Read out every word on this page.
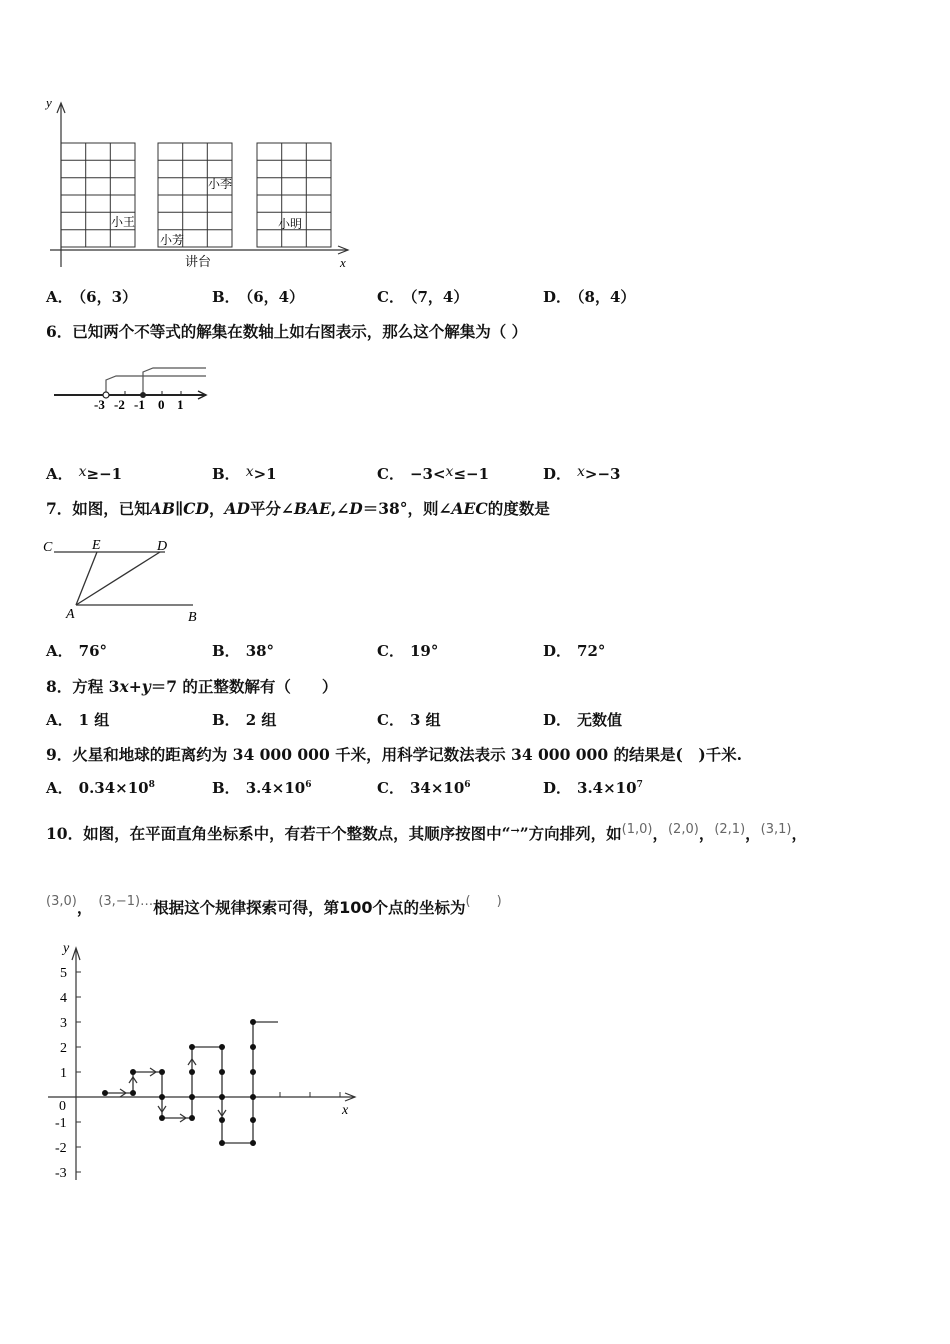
y
x
小王
小芳
小李
小明
讲台
A． （6，3）	B． （6，4）	C． （7，4）	D． （8，4）
6．已知两个不等式的解集在数轴上如右图表示，那么这个解集为（ ）
-3 -2 -1 0 1
A． x≥−1	B． x>1	C． −3<x≤−1	D． x>−3
7．如图，已知AB∥CD，AD平分∠BAE,∠D＝38°，则∠AEC的度数是
C	E	D
A	B
A． 76°	B． 38°	C． 19°	D． 72°
8．方程 3x+y＝7 的正整数解有（　　）
A． 1 组	B． 2 组	C． 3 组	D． 无数值
9．火星和地球的距离约为 34 000 000 千米，用科学记数法表示 34 000 000 的结果是(　)千米.
A． $0.34\times 10^8$	B． $3.4\times 10^6$	C． $34\times 10^6$	D． $3.4\times 10^7$
10．如图，在平面直角坐标系中，有若干个整数点，其顺序按图中“→”方向排列，如$^{(1,0)}$，$^{(2,0)}$，$^{(2,1)}$，$^{(3,1)}$，
$^{(3,0)}$， $^{(3,-1)\dots}$根据这个规律探索可得，第100个点的坐标为(　　)
y
x
0
5
4
3
2
1
-1
-2
-3
